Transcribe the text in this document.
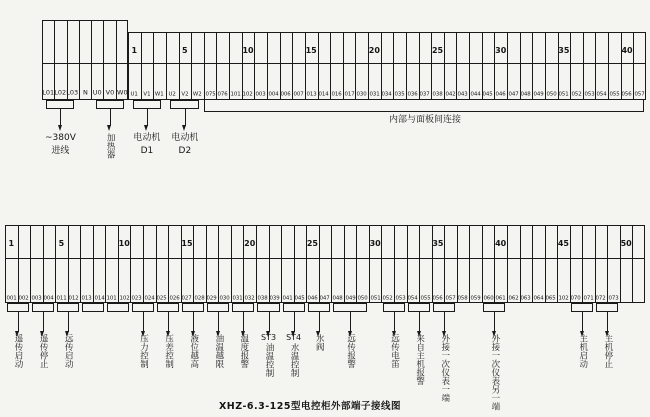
内部与面板间连接
XHZ-6.3-125型电控柜外部端子接线图
L01 L02 L03 N U0 V0 W0
1
U1 V1 W1 U2
5
V2 W2 075 076 101
10
102 003 004 006 007
15
013 014 016 017 030
20
031 034 035 036 037
25
038 042 043 044 045
30
046 047 048 049 050
35
051 052 053 054 055
40
056 057
~380V
进线	加热器	电动机
D1
电动机
D2
1
001 002 003 004
5
011 012 013 014 101
10
102 023 024 025 026
15
027 028 029 030 031
20
032 038 039 041 045
25
046 047 048 049 050
30
051 052 053 054 055
35
056 057 058 059 060
40
061 062 063 064 065
45
102 070 071 072 073
50
遥传启动 遥传停止 远传启动	压力控制 压差控制 液位越高 油温越限 温度报警	ST3
油温控制
ST4
水温控制
水阀	远传报警	远传电笛 来自主机报警 外接一次仪表一端	外接一次仪表另一端	主机启动 主机停止
